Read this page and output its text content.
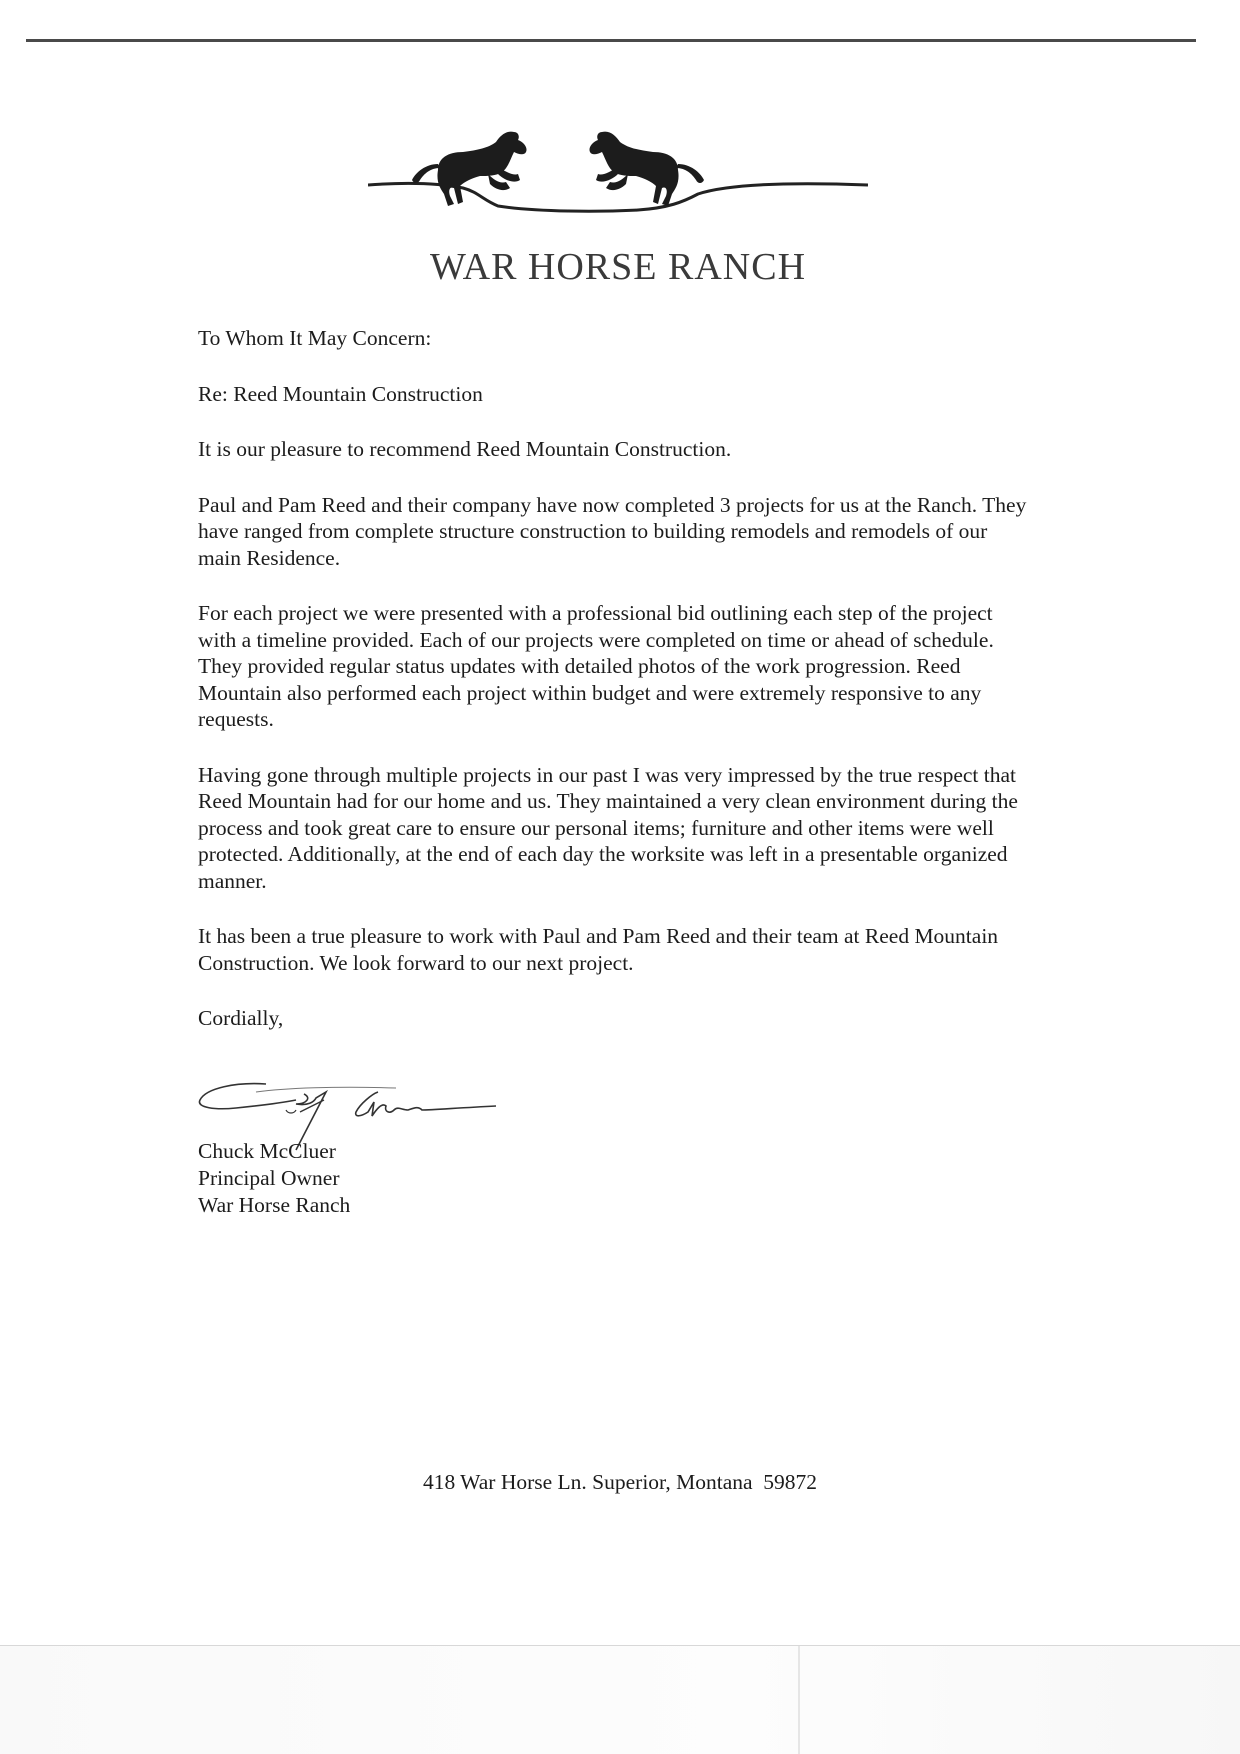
WAR HORSE RANCH

To Whom It May Concern:

Re: Reed Mountain Construction

It is our pleasure to recommend Reed Mountain Construction.

Paul and Pam Reed and their company have now completed 3 projects for us at the Ranch. They have ranged from complete structure construction to building remodels and remodels of our main Residence.

For each project we were presented with a professional bid outlining each step of the project with a timeline provided. Each of our projects were completed on time or ahead of schedule. They provided regular status updates with detailed photos of the work progression. Reed Mountain also performed each project within budget and were extremely responsive to any requests.

Having gone through multiple projects in our past I was very impressed by the true respect that Reed Mountain had for our home and us. They maintained a very clean environment during the process and took great care to ensure our personal items; furniture and other items were well protected. Additionally, at the end of each day the worksite was left in a presentable organized manner.

It has been a true pleasure to work with Paul and Pam Reed and their team at Reed Mountain Construction. We look forward to our next project.

Cordially,

Chuck McCluer
Principal Owner
War Horse Ranch
418 War Horse Ln. Superior, Montana  59872
